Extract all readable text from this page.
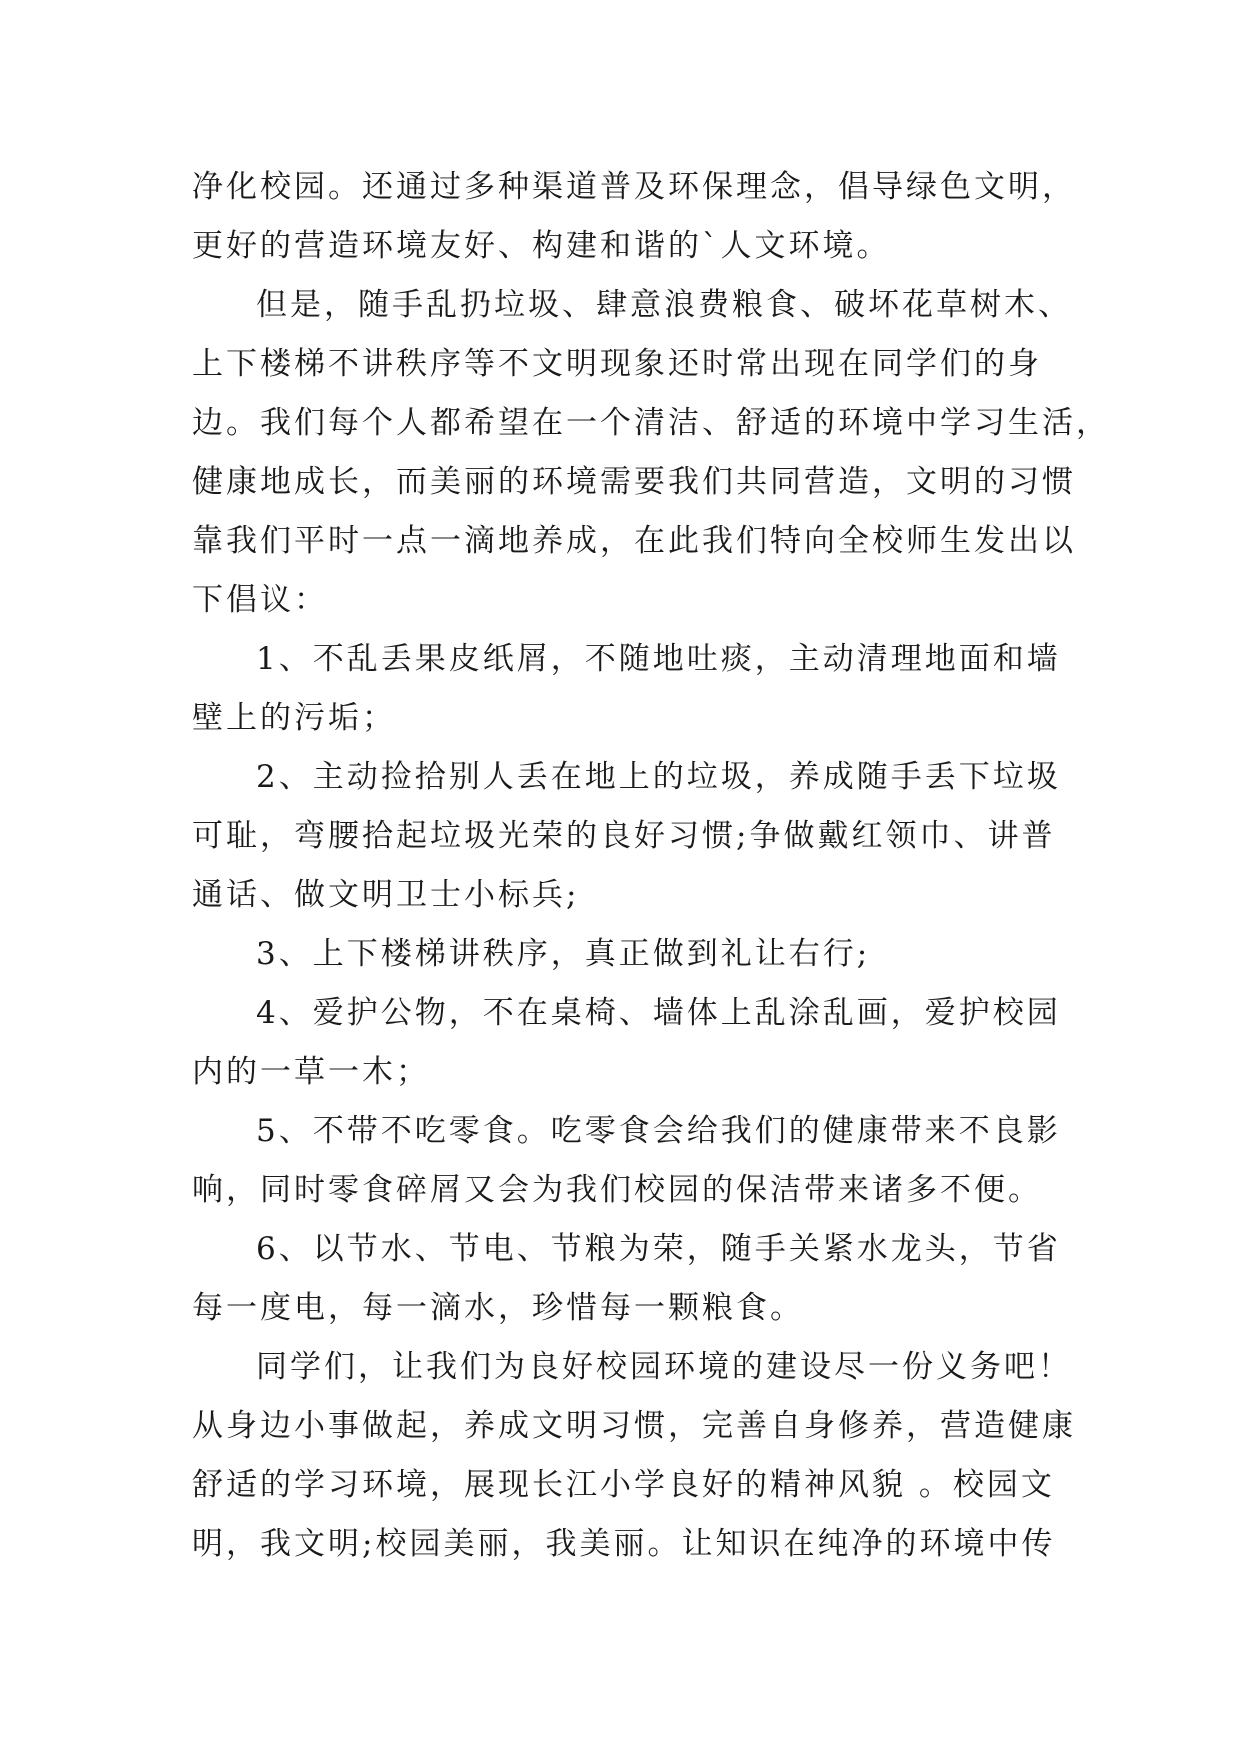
净化校园。还通过多种渠道普及环保理念，倡导绿色文明，
更好的营造环境友好、构建和谐的`人文环境。
但是，随手乱扔垃圾、肆意浪费粮食、破坏花草树木、
上下楼梯不讲秩序等不文明现象还时常出现在同学们的身
边。我们每个人都希望在一个清洁、舒适的环境中学习生活，
健康地成长，而美丽的环境需要我们共同营造，文明的习惯
靠我们平时一点一滴地养成，在此我们特向全校师生发出以
下倡议：
1、不乱丢果皮纸屑，不随地吐痰，主动清理地面和墙
壁上的污垢；
2、主动捡拾别人丢在地上的垃圾，养成随手丢下垃圾
可耻，弯腰拾起垃圾光荣的良好习惯;争做戴红领巾、讲普
通话、做文明卫士小标兵;
3、上下楼梯讲秩序，真正做到礼让右行;
4、爱护公物，不在桌椅、墙体上乱涂乱画，爱护校园
内的一草一木；
5、不带不吃零食。吃零食会给我们的健康带来不良影
响，同时零食碎屑又会为我们校园的保洁带来诸多不便。
6、以节水、节电、节粮为荣，随手关紧水龙头，节省
每一度电，每一滴水，珍惜每一颗粮食。
同学们，让我们为良好校园环境的建设尽一份义务吧！
从身边小事做起，养成文明习惯，完善自身修养，营造健康
舒适的学习环境，展现长江小学良好的精神风貌 。校园文
明，我文明;校园美丽，我美丽。让知识在纯净的环境中传
